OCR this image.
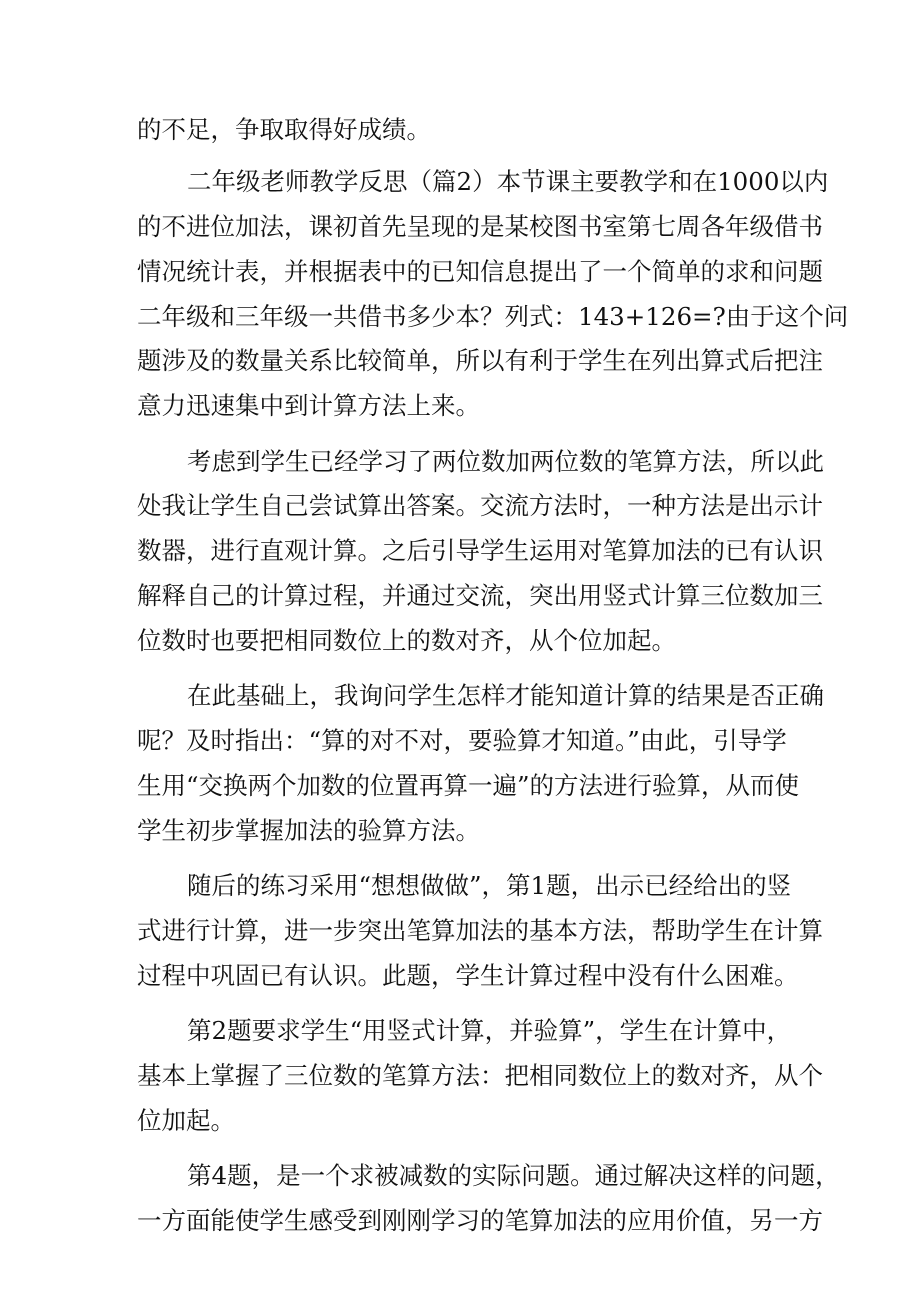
的不足，争取取得好成绩。
二年级老师教学反思（篇2）本节课主要教学和在1000以内
的不进位加法，课初首先呈现的是某校图书室第七周各年级借书
情况统计表，并根据表中的已知信息提出了一个简单的求和问题
二年级和三年级一共借书多少本？列式：143+126=?由于这个问
题涉及的数量关系比较简单，所以有利于学生在列出算式后把注
意力迅速集中到计算方法上来。
考虑到学生已经学习了两位数加两位数的笔算方法，所以此
处我让学生自己尝试算出答案。交流方法时，一种方法是出示计
数器，进行直观计算。之后引导学生运用对笔算加法的已有认识
解释自己的计算过程，并通过交流，突出用竖式计算三位数加三
位数时也要把相同数位上的数对齐，从个位加起。
在此基础上，我询问学生怎样才能知道计算的结果是否正确
呢？及时指出：“算的对不对，要验算才知道。”由此，引导学
生用“交换两个加数的位置再算一遍”的方法进行验算，从而使
学生初步掌握加法的验算方法。
随后的练习采用“想想做做”，第1题，出示已经给出的竖
式进行计算，进一步突出笔算加法的基本方法，帮助学生在计算
过程中巩固已有认识。此题，学生计算过程中没有什么困难。
第2题要求学生“用竖式计算，并验算”，学生在计算中，
基本上掌握了三位数的笔算方法：把相同数位上的数对齐，从个
位加起。
第4题，是一个求被减数的实际问题。通过解决这样的问题，
一方面能使学生感受到刚刚学习的笔算加法的应用价值，另一方
